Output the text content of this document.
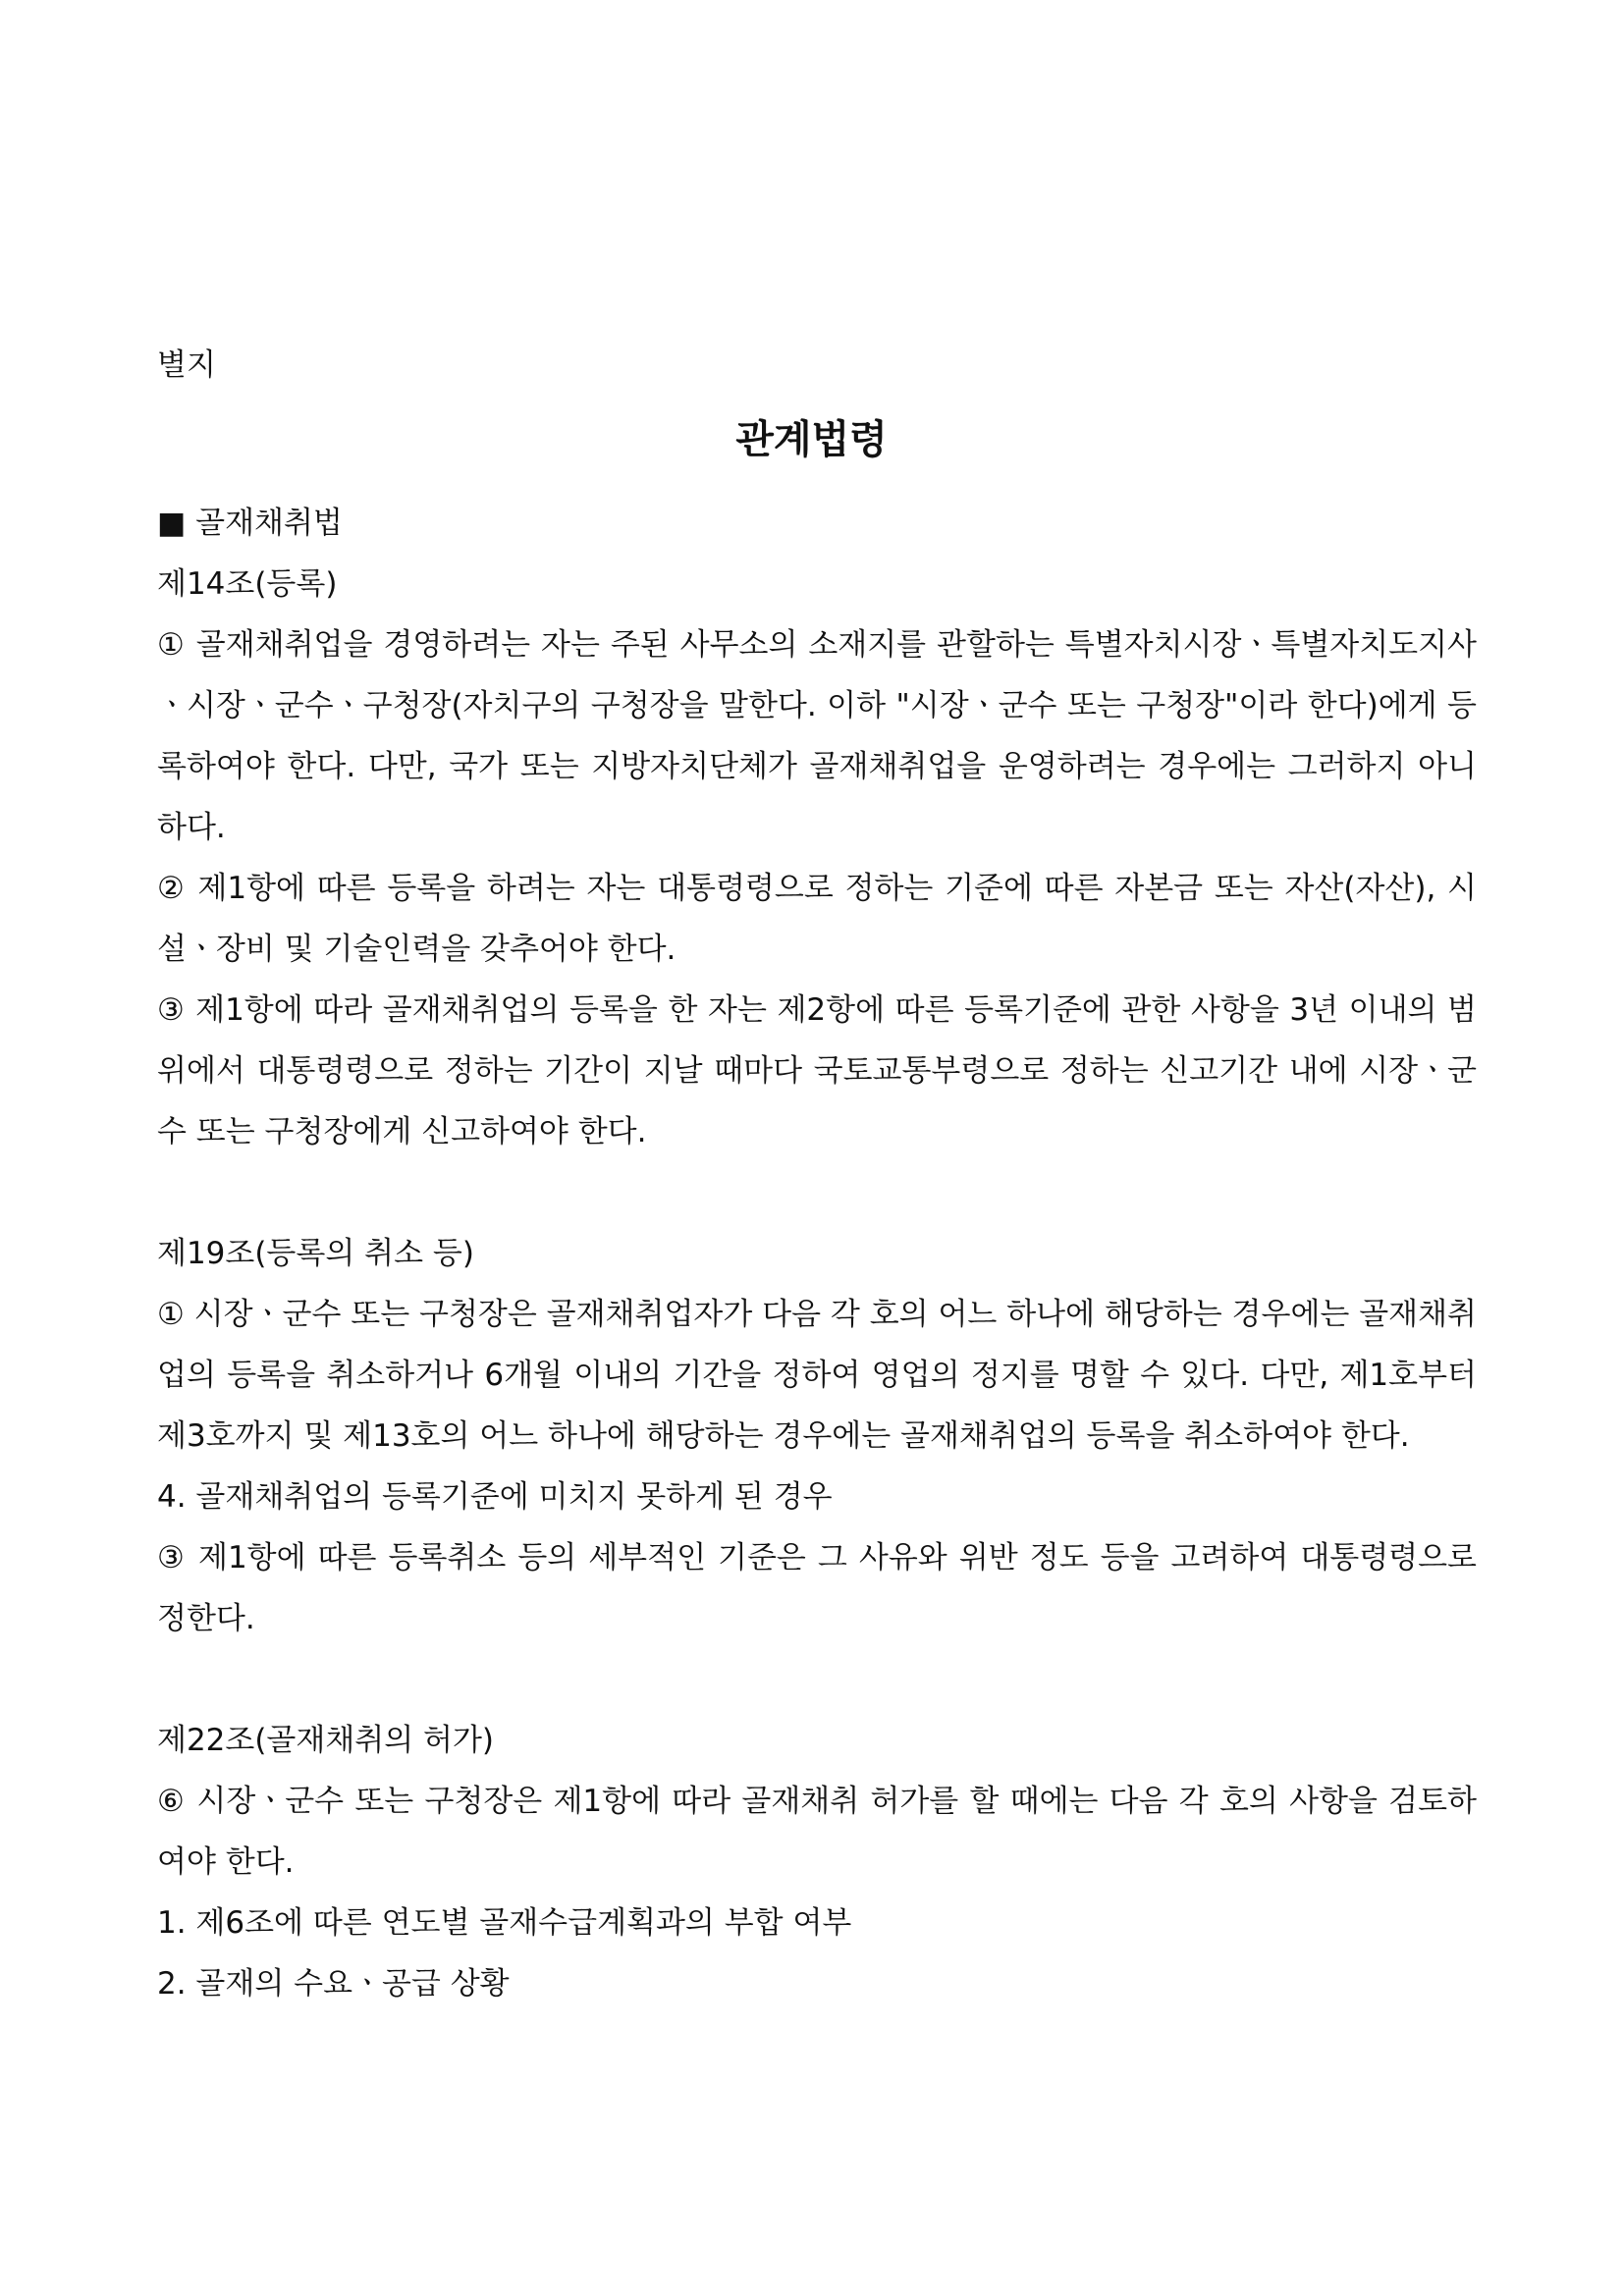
별지

관계법령

■ 골재채취법

제14조(등록)

① 골재채취업을 경영하려는 자는 주된 사무소의 소재지를 관할하는 특별자치시장ㆍ특별자치도지사ㆍ시장ㆍ군수ㆍ구청장(자치구의 구청장을 말한다. 이하 "시장ㆍ군수 또는 구청장"이라 한다)에게 등록하여야 한다. 다만, 국가 또는 지방자치단체가 골재채취업을 운영하려는 경우에는 그러하지 아니하다.

② 제1항에 따른 등록을 하려는 자는 대통령령으로 정하는 기준에 따른 자본금 또는 자산(자산), 시설ㆍ장비 및 기술인력을 갖추어야 한다.

③ 제1항에 따라 골재채취업의 등록을 한 자는 제2항에 따른 등록기준에 관한 사항을 3년 이내의 범위에서 대통령령으로 정하는 기간이 지날 때마다 국토교통부령으로 정하는 신고기간 내에 시장ㆍ군수 또는 구청장에게 신고하여야 한다.

제19조(등록의 취소 등)

① 시장ㆍ군수 또는 구청장은 골재채취업자가 다음 각 호의 어느 하나에 해당하는 경우에는 골재채취업의 등록을 취소하거나 6개월 이내의 기간을 정하여 영업의 정지를 명할 수 있다. 다만, 제1호부터 제3호까지 및 제13호의 어느 하나에 해당하는 경우에는 골재채취업의 등록을 취소하여야 한다.

4. 골재채취업의 등록기준에 미치지 못하게 된 경우

③ 제1항에 따른 등록취소 등의 세부적인 기준은 그 사유와 위반 정도 등을 고려하여 대통령령으로 정한다.

제22조(골재채취의 허가)

⑥ 시장ㆍ군수 또는 구청장은 제1항에 따라 골재채취 허가를 할 때에는 다음 각 호의 사항을 검토하여야 한다.

1. 제6조에 따른 연도별 골재수급계획과의 부합 여부

2. 골재의 수요ㆍ공급 상황
